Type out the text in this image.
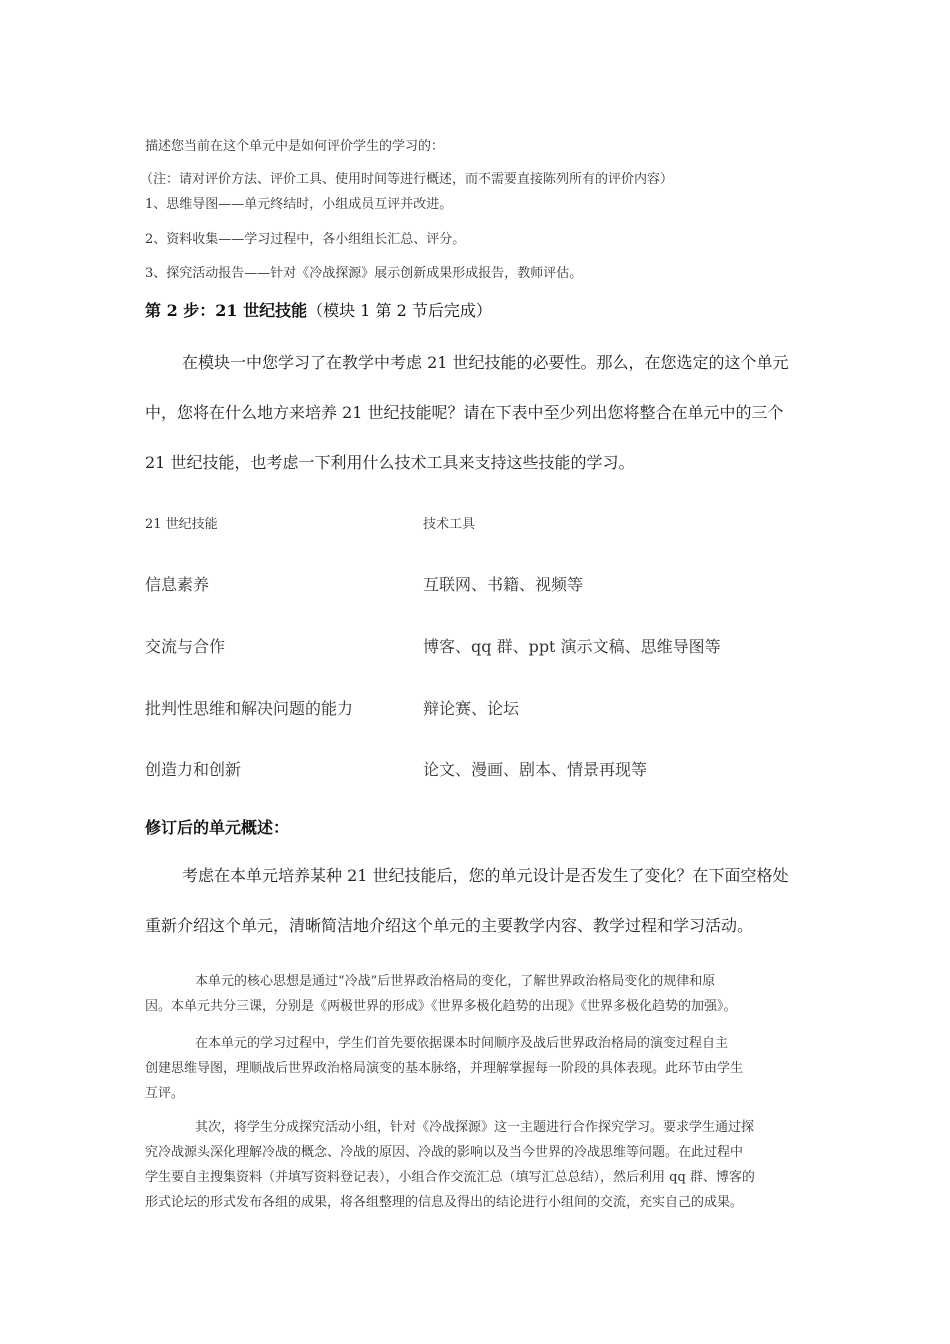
描述您当前在这个单元中是如何评价学生的学习的：
（注：请对评价方法、评价工具、使用时间等进行概述，而不需要直接陈列所有的评价内容）
1、思维导图——单元终结时，小组成员互评并改进。
2、资料收集——学习过程中，各小组组长汇总、评分。
3、探究活动报告——针对《冷战探源》展示创新成果形成报告，教师评估。
第 2 步：21 世纪技能（模块 1 第 2 节后完成）
在模块一中您学习了在教学中考虑 21 世纪技能的必要性。那么，在您选定的这个单元
中，您将在什么地方来培养 21 世纪技能呢？请在下表中至少列出您将整合在单元中的三个
21 世纪技能，也考虑一下利用什么技术工具来支持这些技能的学习。
21 世纪技能	技术工具
信息素养	互联网、书籍、视频等
交流与合作	博客、qq 群、ppt 演示文稿、思维导图等
批判性思维和解决问题的能力	辩论赛、论坛
创造力和创新	论文、漫画、剧本、情景再现等
修订后的单元概述：
考虑在本单元培养某种 21 世纪技能后，您的单元设计是否发生了变化？在下面空格处
重新介绍这个单元，清晰简洁地介绍这个单元的主要教学内容、教学过程和学习活动。
本单元的核心思想是通过“冷战”后世界政治格局的变化，了解世界政治格局变化的规律和原
因。本单元共分三课，分别是《两极世界的形成》《世界多极化趋势的出现》《世界多极化趋势的加强》。
在本单元的学习过程中，学生们首先要依据课本时间顺序及战后世界政治格局的演变过程自主
创建思维导图，理顺战后世界政治格局演变的基本脉络，并理解掌握每一阶段的具体表现。此环节由学生
互评。
其次，将学生分成探究活动小组，针对《冷战探源》这一主题进行合作探究学习。要求学生通过探
究冷战源头深化理解冷战的概念、冷战的原因、冷战的影响以及当今世界的冷战思维等问题。在此过程中
学生要自主搜集资料（并填写资料登记表），小组合作交流汇总（填写汇总总结），然后利用 qq 群、博客的
形式论坛的形式发布各组的成果，将各组整理的信息及得出的结论进行小组间的交流，充实自己的成果。
